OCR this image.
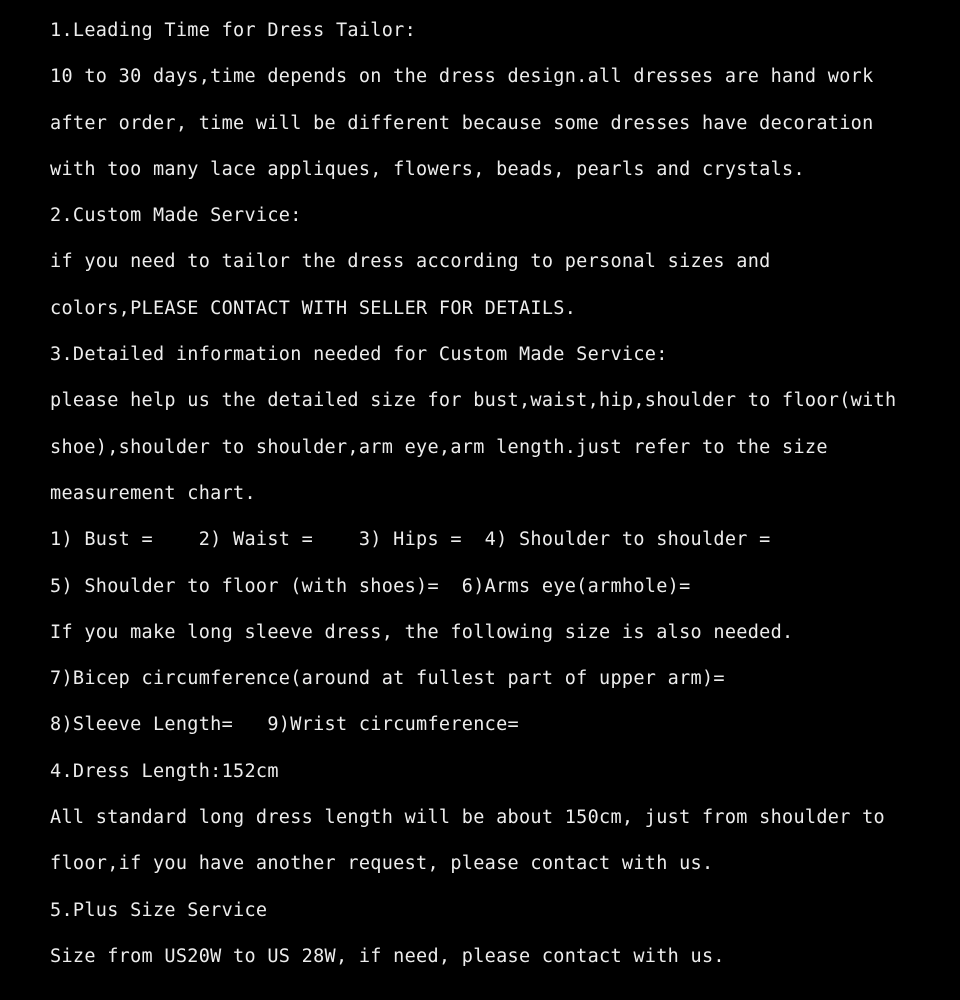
1.Leading Time for Dress Tailor:
10 to 30 days,time depends on the dress design.all dresses are hand work
after order, time will be different because some dresses have decoration
with too many lace appliques, flowers, beads, pearls and crystals.
2.Custom Made Service:
if you need to tailor the dress according to personal sizes and
colors,PLEASE CONTACT WITH SELLER FOR DETAILS.
3.Detailed information needed for Custom Made Service:
please help us the detailed size for bust,waist,hip,shoulder to floor(with
shoe),shoulder to shoulder,arm eye,arm length.just refer to the size
measurement chart.
1) Bust =    2) Waist =    3) Hips =  4) Shoulder to shoulder =
5) Shoulder to floor (with shoes)=  6)Arms eye(armhole)=
If you make long sleeve dress, the following size is also needed.
7)Bicep circumference(around at fullest part of upper arm)=
8)Sleeve Length=   9)Wrist circumference=
4.Dress Length:152cm
All standard long dress length will be about 150cm, just from shoulder to
floor,if you have another request, please contact with us.
5.Plus Size Service
Size from US20W to US 28W, if need, please contact with us.
